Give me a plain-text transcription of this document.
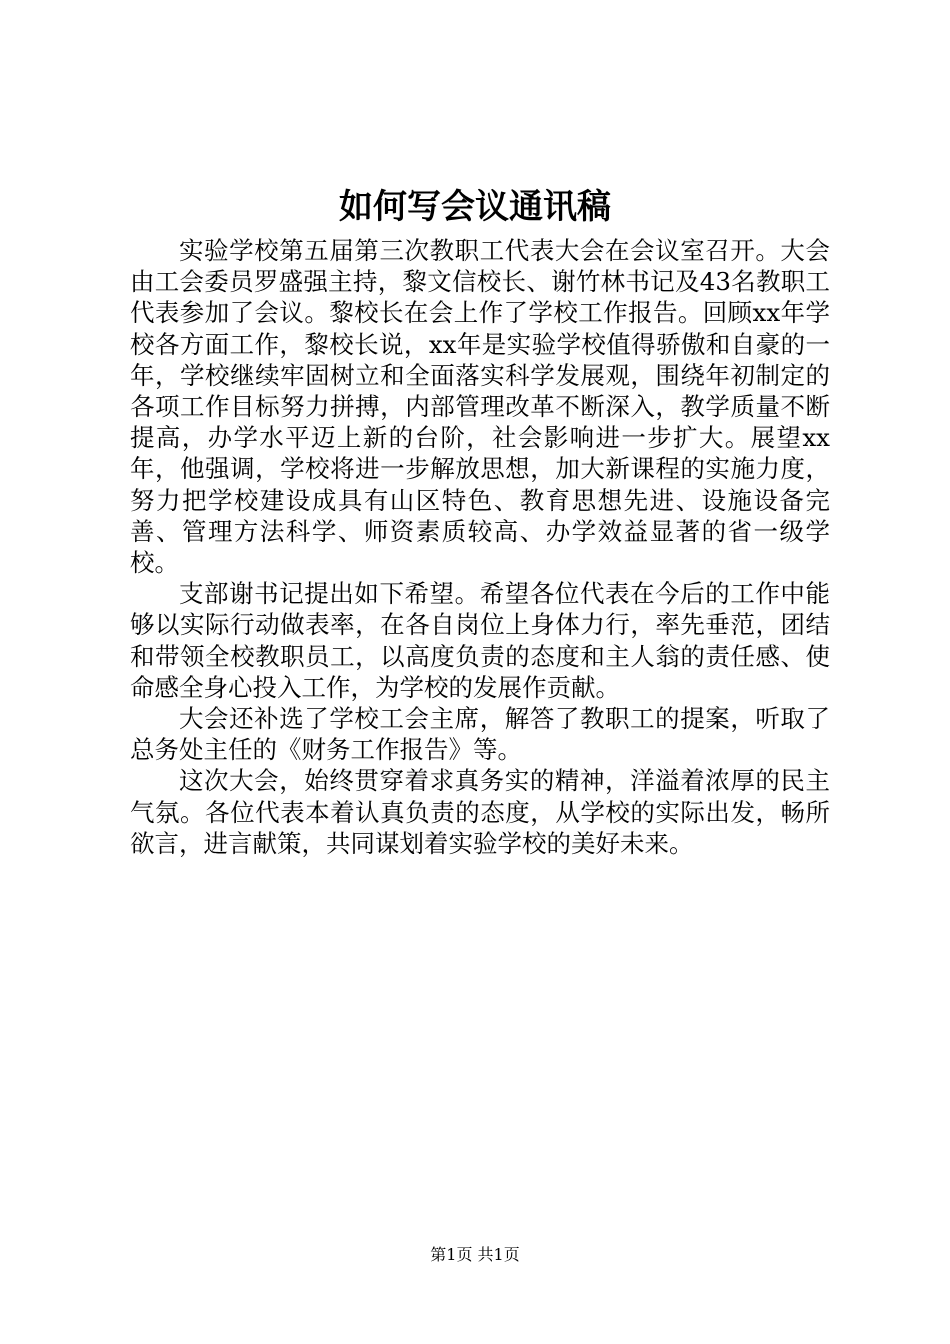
如何写会议通讯稿

实验学校第五届第三次教职工代表大会在会议室召开。大会由工会委员罗盛强主持，黎文信校长、谢竹林书记及43名教职工代表参加了会议。黎校长在会上作了学校工作报告。回顾xx年学校各方面工作，黎校长说，xx年是实验学校值得骄傲和自豪的一年，学校继续牢固树立和全面落实科学发展观，围绕年初制定的各项工作目标努力拼搏，内部管理改革不断深入，教学质量不断提高，办学水平迈上新的台阶，社会影响进一步扩大。展望xx年，他强调，学校将进一步解放思想，加大新课程的实施力度，努力把学校建设成具有山区特色、教育思想先进、设施设备完善、管理方法科学、师资素质较高、办学效益显著的省一级学校。

支部谢书记提出如下希望。希望各位代表在今后的工作中能够以实际行动做表率，在各自岗位上身体力行，率先垂范，团结和带领全校教职员工，以高度负责的态度和主人翁的责任感、使命感全身心投入工作，为学校的发展作贡献。

大会还补选了学校工会主席，解答了教职工的提案，听取了总务处主任的《财务工作报告》等。

这次大会，始终贯穿着求真务实的精神，洋溢着浓厚的民主气氛。各位代表本着认真负责的态度，从学校的实际出发，畅所欲言，进言献策，共同谋划着实验学校的美好未来。

第1页 共1页
